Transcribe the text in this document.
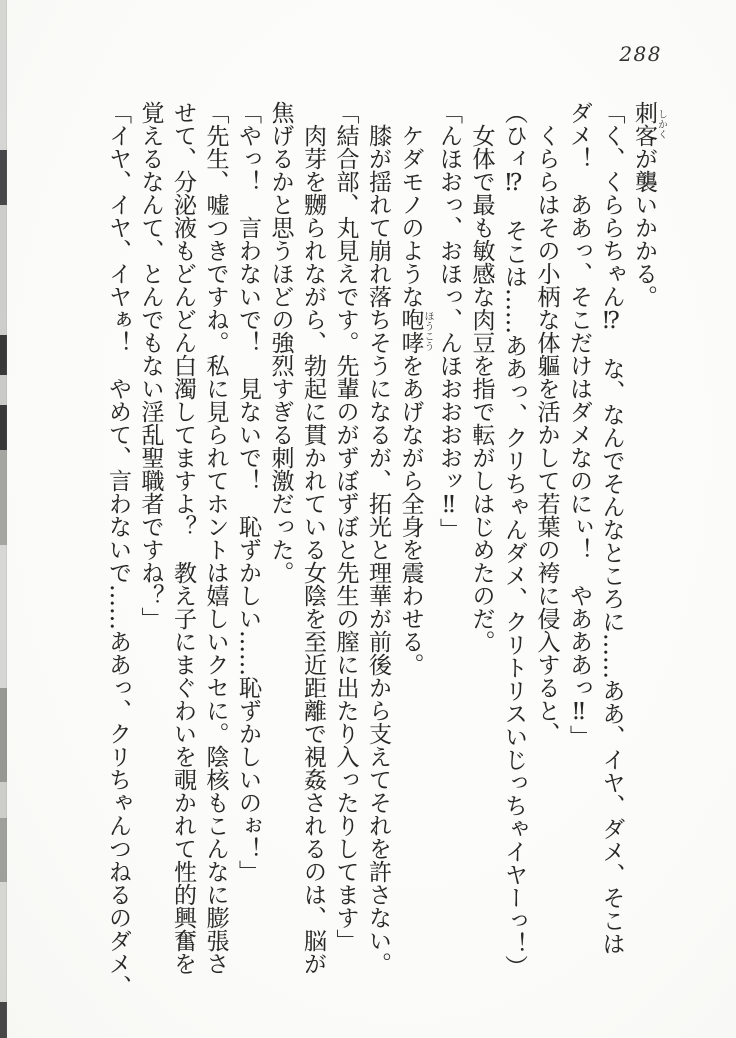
288

刺客しかくが襲いかかる。

「く、くららちゃん⁉　な、なんでそんなところに……ああ、イヤ、ダメ、そこはダメ！　ああっ、そこだけはダメなのにぃ！　やあああっ‼」

くららはその小柄な体軀を活かして若葉の袴に侵入すると、

（ひィ⁉　そこは……ああっ、クリちゃんダメ、クリトリスいじっちゃイヤーっ！）

女体で最も敏感な肉豆を指で転がしはじめたのだ。

「んほおっ、おほっ、んほおおおおッ‼」

ケダモノのような咆哮ほうこうをあげながら全身を震わせる。

膝が揺れて崩れ落ちそうになるが、拓光と理華が前後から支えてそれを許さない。

「結合部、丸見えです。先輩のがずぼずぼと先生の膣に出たり入ったりしてます」

肉芽を嬲られながら、勃起に貫かれている女陰を至近距離で視姦されるのは、脳が焦げるかと思うほどの強烈すぎる刺激だった。

「やっ！　言わないで！　見ないで！　恥ずかしい……恥ずかしいのぉ！」

「先生、嘘つきですね。私に見られてホントは嬉しいクセに。陰核もこんなに膨張させて、分泌液もどんどん白濁してますよ？　教え子にまぐわいを覗かれて性的興奮を覚えるなんて、とんでもない淫乱聖職者ですね？」

「イヤ、イヤ、イヤぁ！　やめて、言わないで……ああっ、クリちゃんつねるのダメ、
